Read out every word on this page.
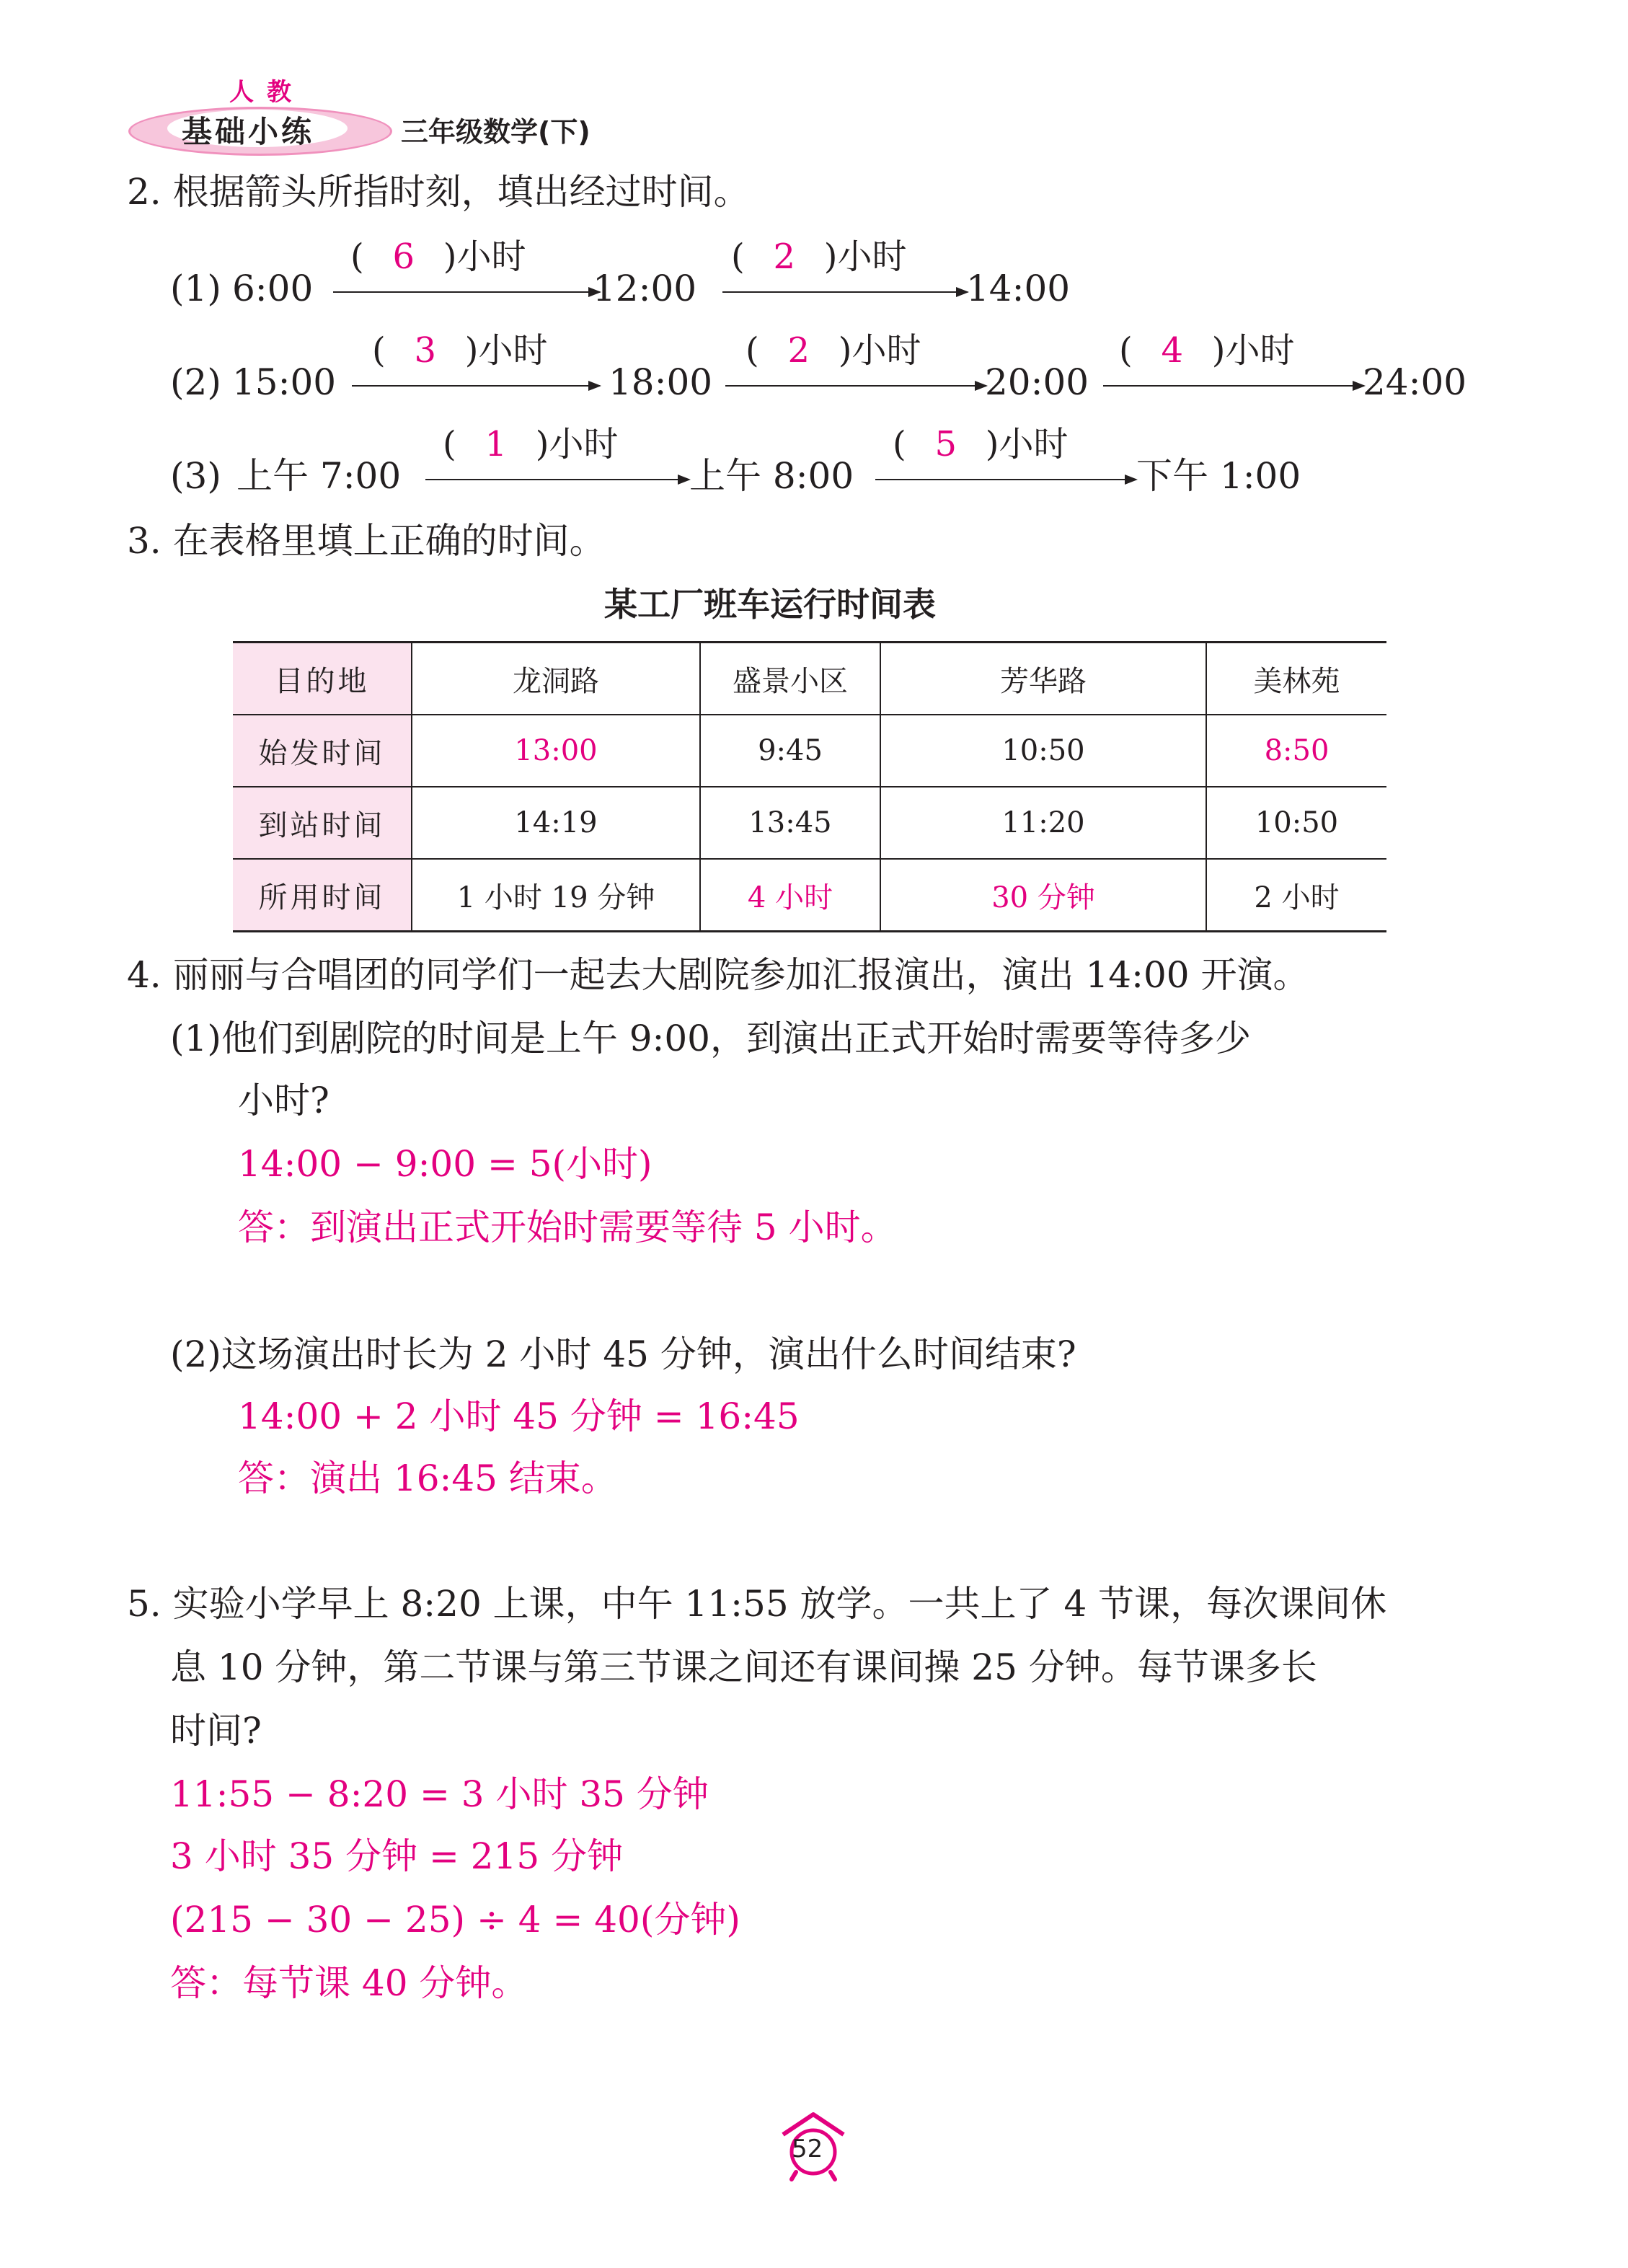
人教
基础小练	三年级数学(下)
2. 根据箭头所指时刻，填出经过时间。
(1) 6:00
( 6 )小时
12:00
( 2 )小时
14:00
(2) 15:00
( 3 )小时
18:00
( 2 )小时
20:00
( 4 )小时
24:00
(3) 上午 7:00
( 1 )小时
上午 8:00
( 5 )小时
下午 1:00
3. 在表格里填上正确的时间。
某工厂班车运行时间表
目的地	龙洞路	盛景小区	芳华路	美林苑
始发时间	13:00	9:45	10:50	8:50
到站时间	14:19	13:45	11:20	10:50
所用时间	1 小时 19 分钟	4 小时	30 分钟	2 小时
4. 丽丽与合唱团的同学们一起去大剧院参加汇报演出，演出 14:00 开演。
(1)他们到剧院的时间是上午 9:00，到演出正式开始时需要等待多少
小时?
14:00 − 9:00 = 5(小时)
答：到演出正式开始时需要等待 5 小时。
(2)这场演出时长为 2 小时 45 分钟，演出什么时间结束?
14:00 + 2 小时 45 分钟 = 16:45
答：演出 16:45 结束。
5. 实验小学早上 8:20 上课，中午 11:55 放学。一共上了 4 节课，每次课间休
息 10 分钟，第二节课与第三节课之间还有课间操 25 分钟。每节课多长
时间?
11:55 − 8:20 = 3 小时 35 分钟
3 小时 35 分钟 = 215 分钟
(215 − 30 − 25) ÷ 4 = 40(分钟)
答：每节课 40 分钟。
52
